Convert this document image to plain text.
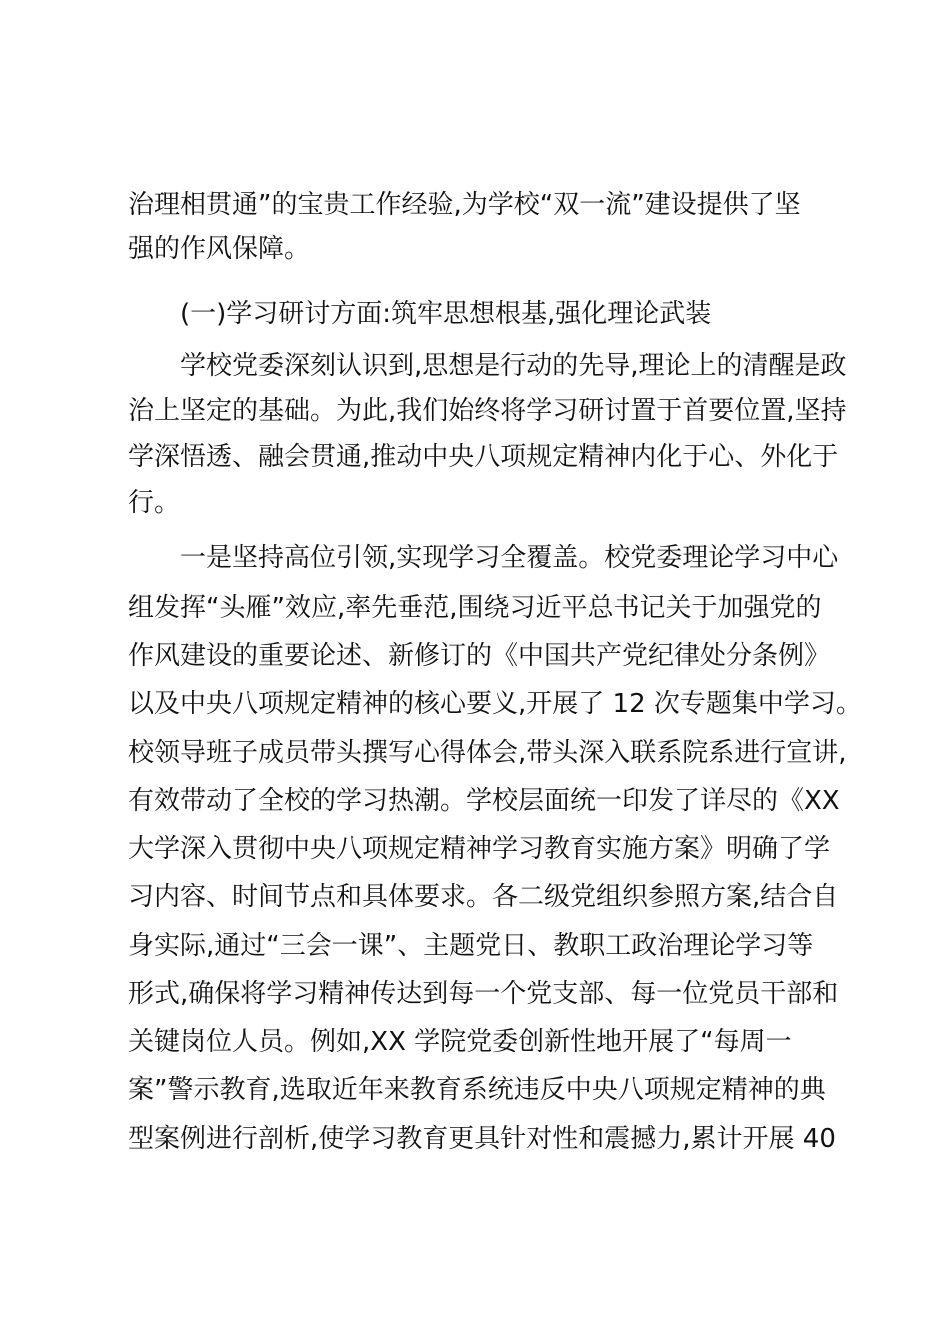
治理相贯通”的宝贵工作经验,为学校“双一流”建设提供了坚
强的作风保障。
(一)学习研讨方面:筑牢思想根基,强化理论武装
学校党委深刻认识到,思想是行动的先导,理论上的清醒是政
治上坚定的基础。为此,我们始终将学习研讨置于首要位置,坚持
学深悟透、融会贯通,推动中央八项规定精神内化于心、外化于
行。
一是坚持高位引领,实现学习全覆盖。校党委理论学习中心
组发挥“头雁”效应,率先垂范,围绕习近平总书记关于加强党的
作风建设的重要论述、新修订的《中国共产党纪律处分条例》
以及中央八项规定精神的核心要义,开展了 12 次专题集中学习。
校领导班子成员带头撰写心得体会,带头深入联系院系进行宣讲,
有效带动了全校的学习热潮。学校层面统一印发了详尽的《XX
大学深入贯彻中央八项规定精神学习教育实施方案》明确了学
习内容、时间节点和具体要求。各二级党组织参照方案,结合自
身实际,通过“三会一课”、主题党日、教职工政治理论学习等
形式,确保将学习精神传达到每一个党支部、每一位党员干部和
关键岗位人员。例如,XX 学院党委创新性地开展了“每周一
案”警示教育,选取近年来教育系统违反中央八项规定精神的典
型案例进行剖析,使学习教育更具针对性和震撼力,累计开展 40
